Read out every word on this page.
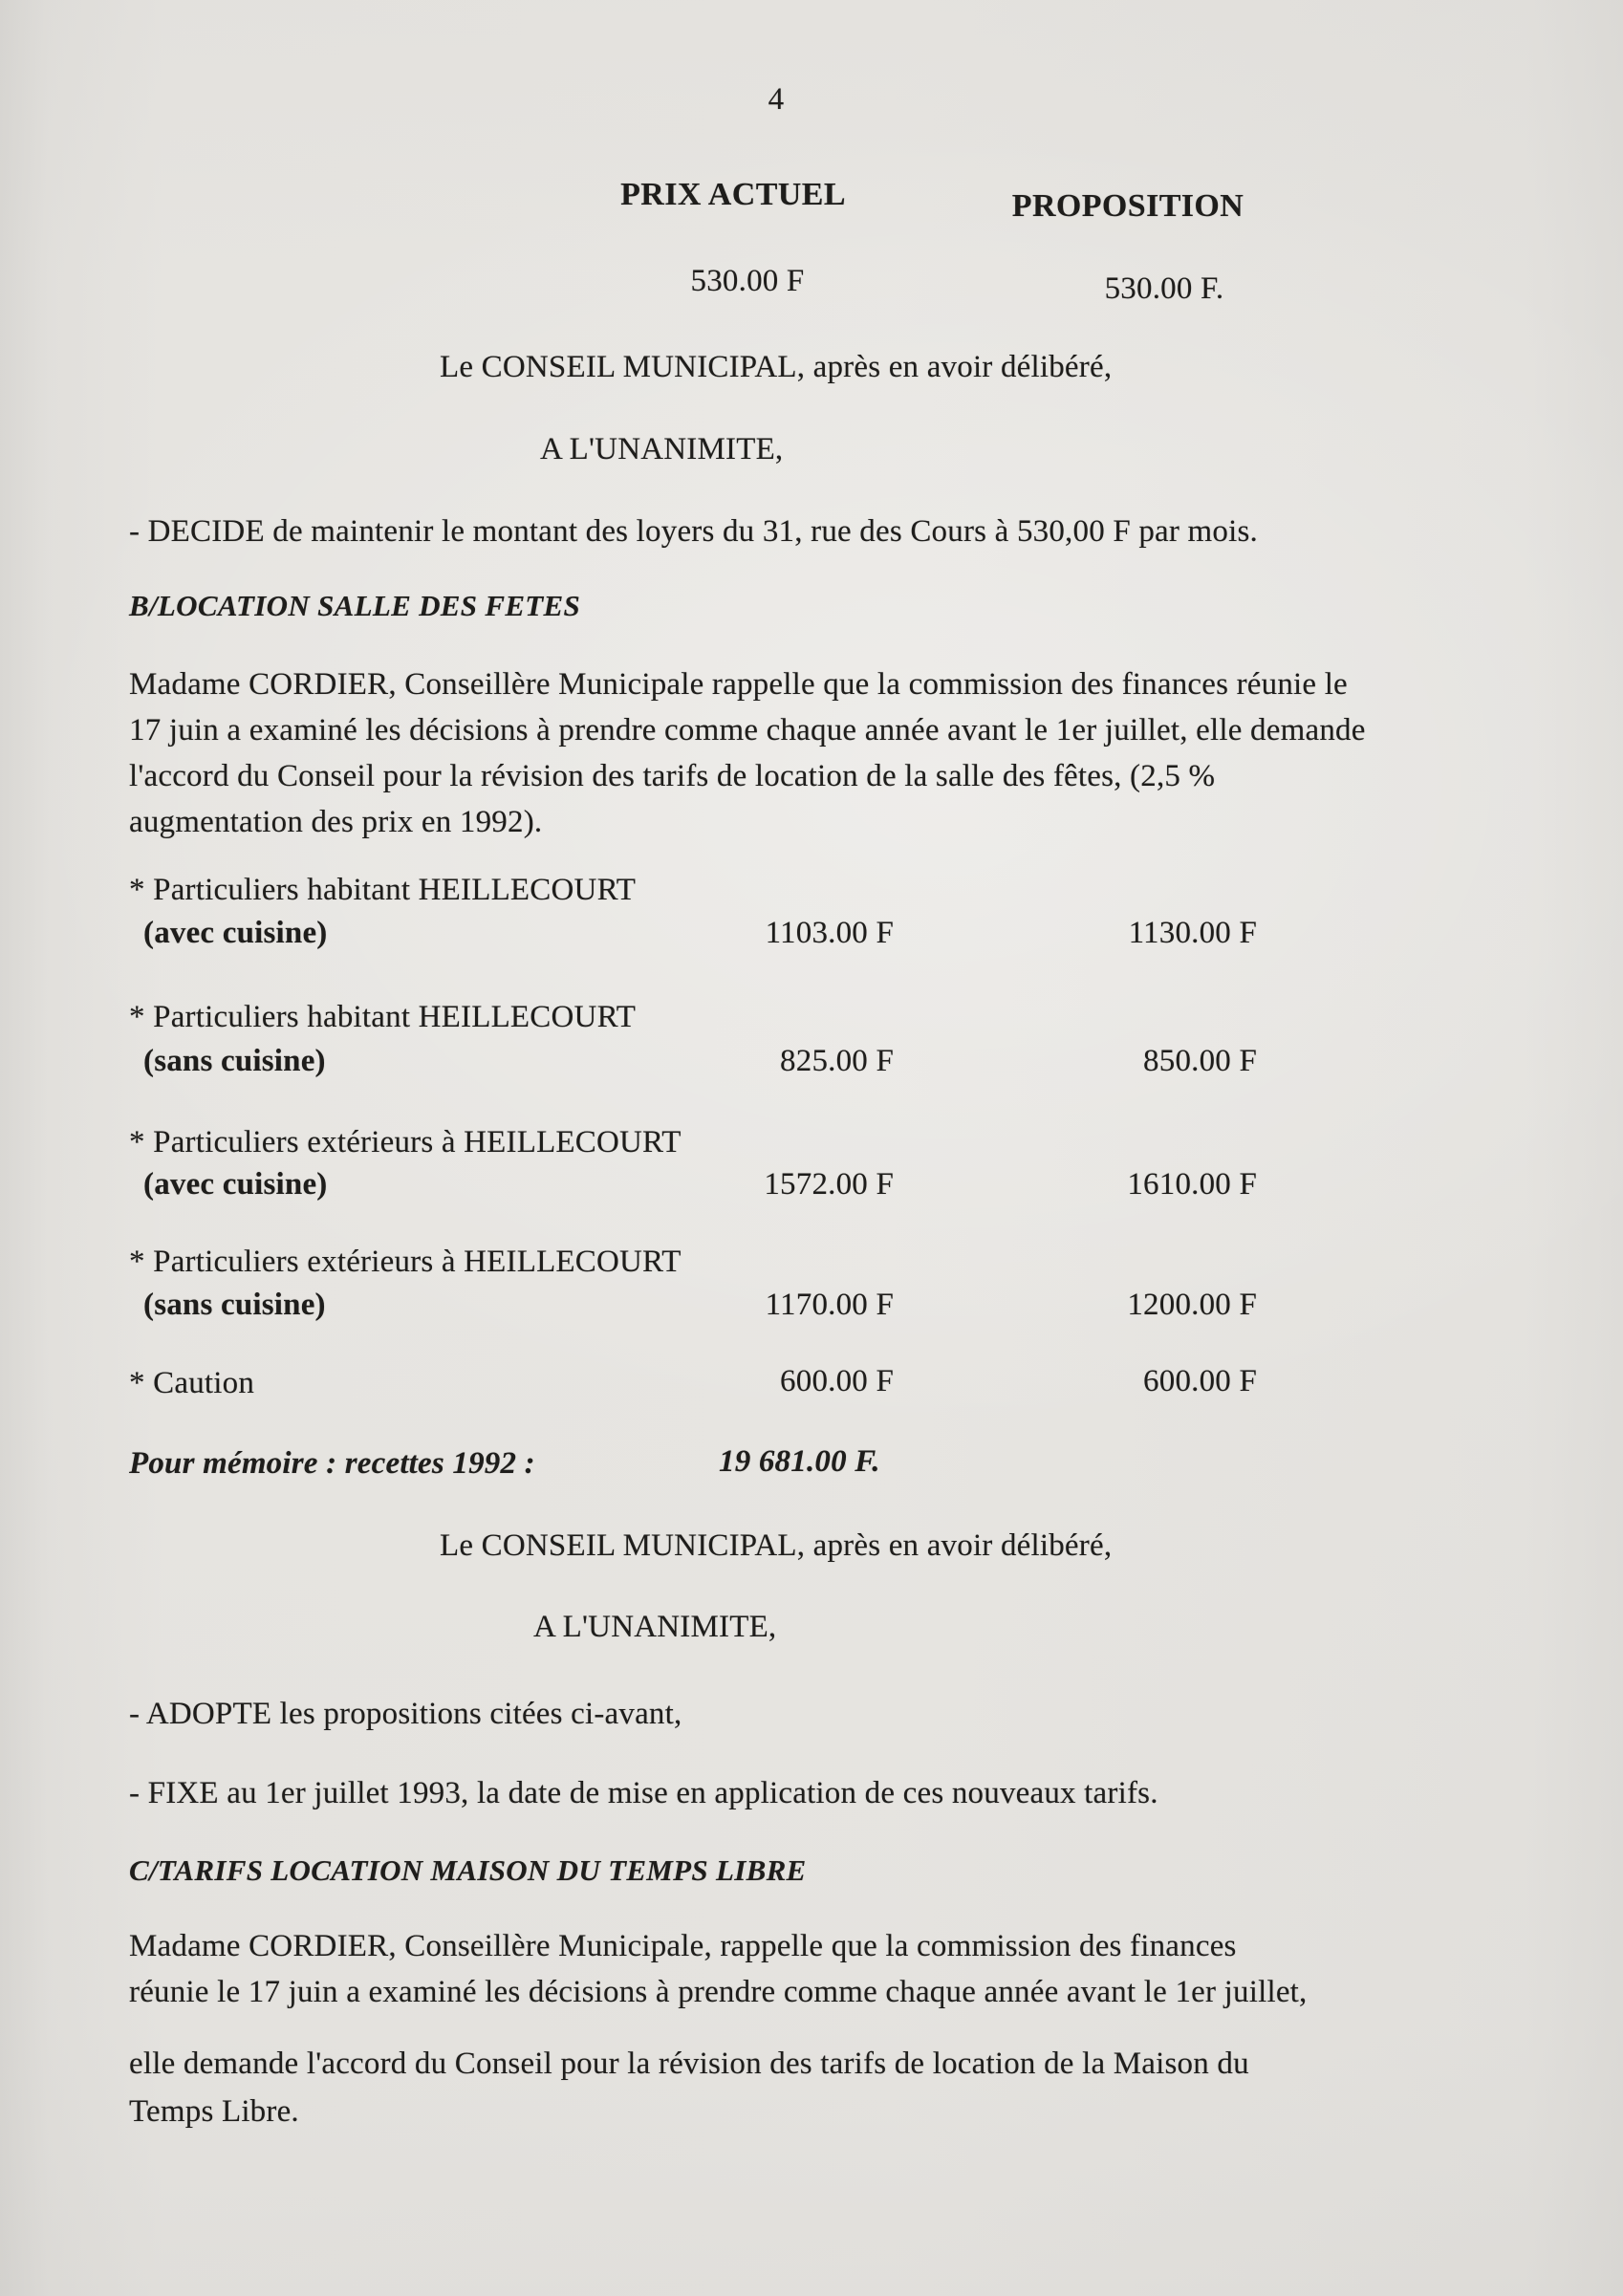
4
PRIX ACTUEL	PROPOSITION
530.00 F	530.00 F.
Le CONSEIL MUNICIPAL, après en avoir délibéré,
A L'UNANIMITE,
- DECIDE de maintenir le montant des loyers du 31, rue des Cours à 530,00 F par mois.
B/LOCATION SALLE DES FETES
Madame CORDIER, Conseillère Municipale rappelle que la commission des finances réunie le
17 juin a examiné les décisions à prendre comme chaque année avant le 1er juillet, elle demande
l'accord du Conseil pour la révision des tarifs de location de la salle des fêtes, (2,5 %
augmentation des prix en 1992).
* Particuliers habitant HEILLECOURT
(avec cuisine)	1103.00 F	1130.00 F
* Particuliers habitant HEILLECOURT
(sans cuisine)	825.00 F	850.00 F
* Particuliers extérieurs à HEILLECOURT
(avec cuisine)	1572.00 F	1610.00 F
* Particuliers extérieurs à HEILLECOURT
(sans cuisine)	1170.00 F	1200.00 F
* Caution	600.00 F	600.00 F
Pour mémoire : recettes 1992 :	19 681.00 F.
Le CONSEIL MUNICIPAL, après en avoir délibéré,
A L'UNANIMITE,
- ADOPTE les propositions citées ci-avant,
- FIXE au 1er juillet 1993, la date de mise en application de ces nouveaux tarifs.
C/TARIFS LOCATION MAISON DU TEMPS LIBRE
Madame CORDIER, Conseillère Municipale, rappelle que la commission des finances
réunie le 17 juin a examiné les décisions à prendre comme chaque année avant le 1er juillet,
elle demande l'accord du Conseil pour la révision des tarifs de location de la Maison du
Temps Libre.
